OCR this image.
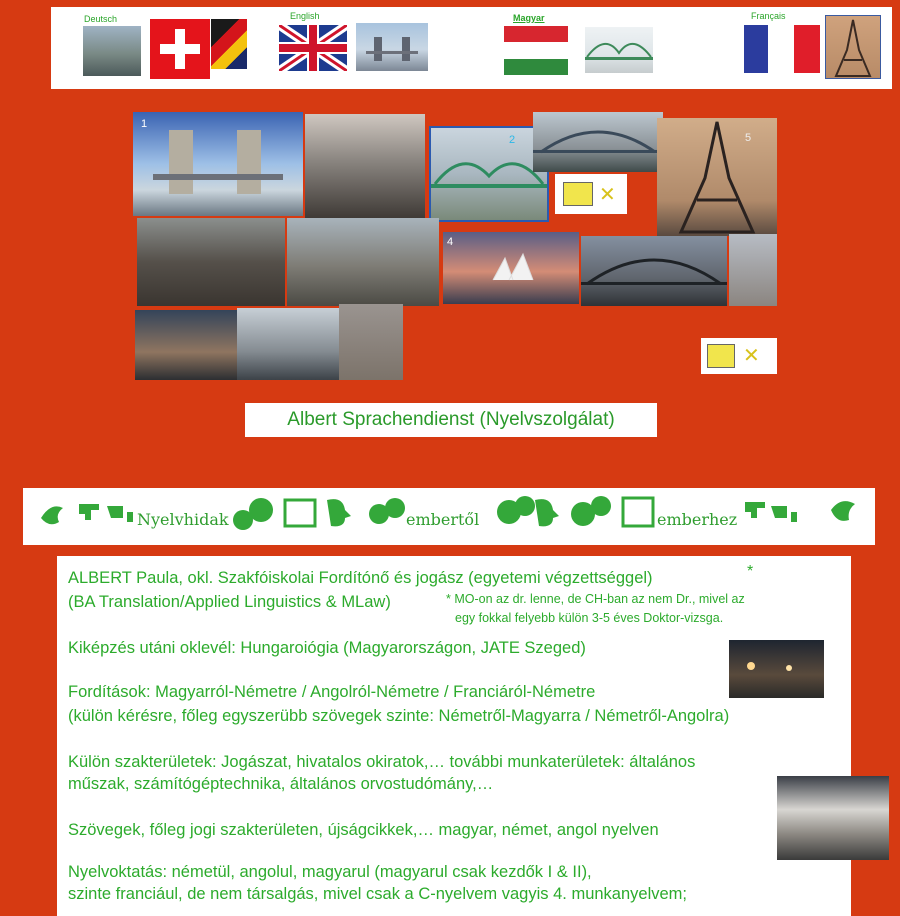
Deutsch	English	Magyar	Français
1
2
✕
5
4
✕
Albert Sprachendienst (Nyelvszolgálat)
Nyelvhidak	embertől	emberhez

ALBERT Paula, okl. Szakfóiskolai Fordítónő és jogász (egyetemi végzettséggel)	*

(BA Translation/Applied Linguistics & MLaw)	* MO-on az dr. lenne, de CH-ban az nem Dr., mivel az
egy fokkal felyebb külön 3-5 éves Doktor-vizsga.

Kiképzés utáni oklevél: Hungaroiógia (Magyarországon, JATE Szeged)

Fordítások: Magyarról-Németre / Angolról-Németre / Franciáról-Németre

(külön kérésre, főleg egyszerübb szövegek szinte: Németről-Magyarra / Németről-Angolra)

Külön szakterületek: Jogászat, hivatalos okiratok,… további munkaterületek: általános

műszak, számítógéptechnika, általános orvostudómány,…

Szövegek, főleg jogi szakterületen, újságcikkek,… magyar, német, angol nyelven

Nyelvoktatás: németül, angolul, magyarul (magyarul csak kezdők I & II),

szinte franciául, de nem társalgás, mivel csak a C-nyelvem vagyis 4. munkanyelvem;
